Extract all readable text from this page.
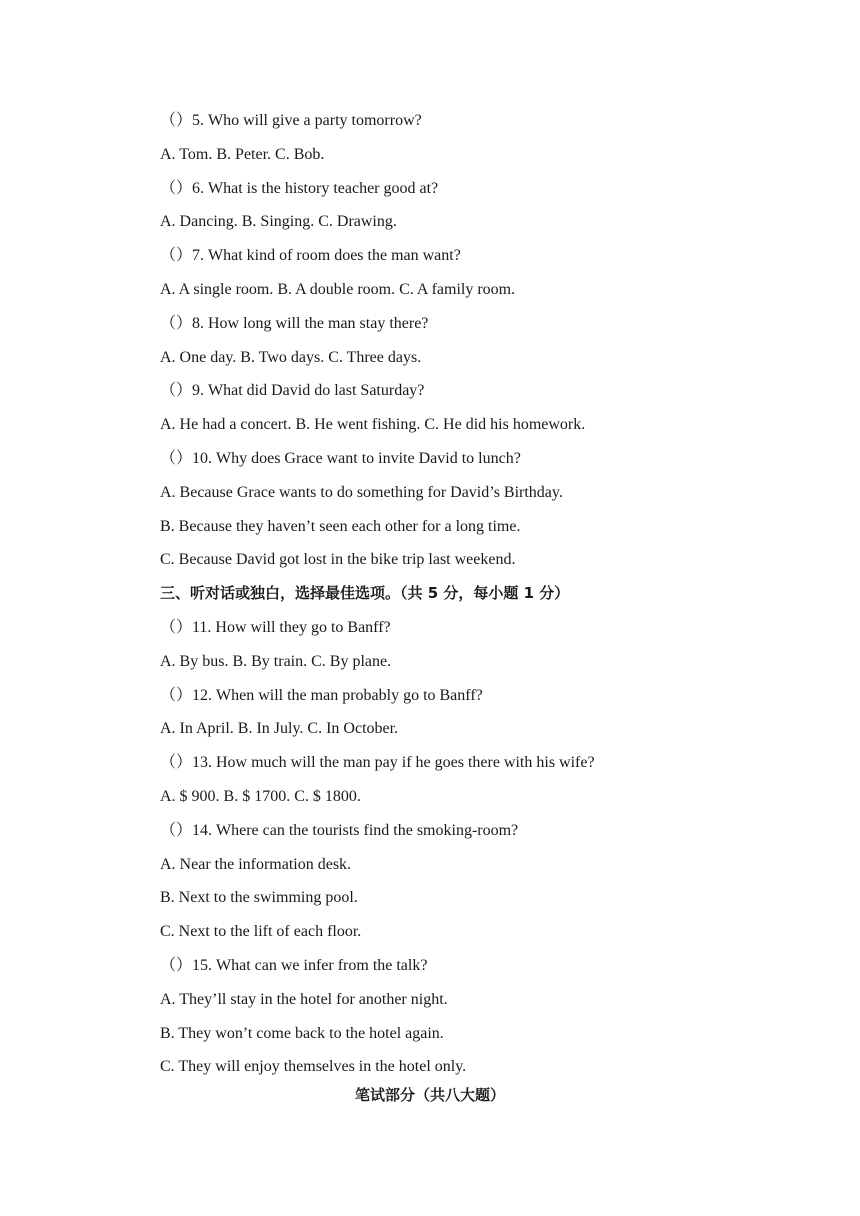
（）5. Who will give a party tomorrow?
A. Tom. B. Peter. C. Bob.
（）6. What is the history teacher good at?
A. Dancing. B. Singing. C. Drawing.
（）7. What kind of room does the man want?
A. A single room. B. A double room. C. A family room.
（）8. How long will the man stay there?
A. One day. B. Two days. C. Three days.
（）9. What did David do last Saturday?
A. He had a concert. B. He went fishing. C. He did his homework.
（）10. Why does Grace want to invite David to lunch?
A. Because Grace wants to do something for David’s Birthday.
B. Because they haven’t seen each other for a long time.
C. Because David got lost in the bike trip last weekend.
三、听对话或独白，选择最佳选项。（共 5 分，每小题 1 分）
（）11. How will they go to Banff?
A. By bus. B. By train. C. By plane.
（）12. When will the man probably go to Banff?
A. In April. B. In July. C. In October.
（）13. How much will the man pay if he goes there with his wife?
A. $ 900. B. $ 1700. C. $ 1800.
（）14. Where can the tourists find the smoking-room?
A. Near the information desk.
B. Next to the swimming pool.
C. Next to the lift of each floor.
（）15. What can we infer from the talk?
A. They’ll stay in the hotel for another night.
B. They won’t come back to the hotel again.
C. They will enjoy themselves in the hotel only.
笔试部分（共八大题）
